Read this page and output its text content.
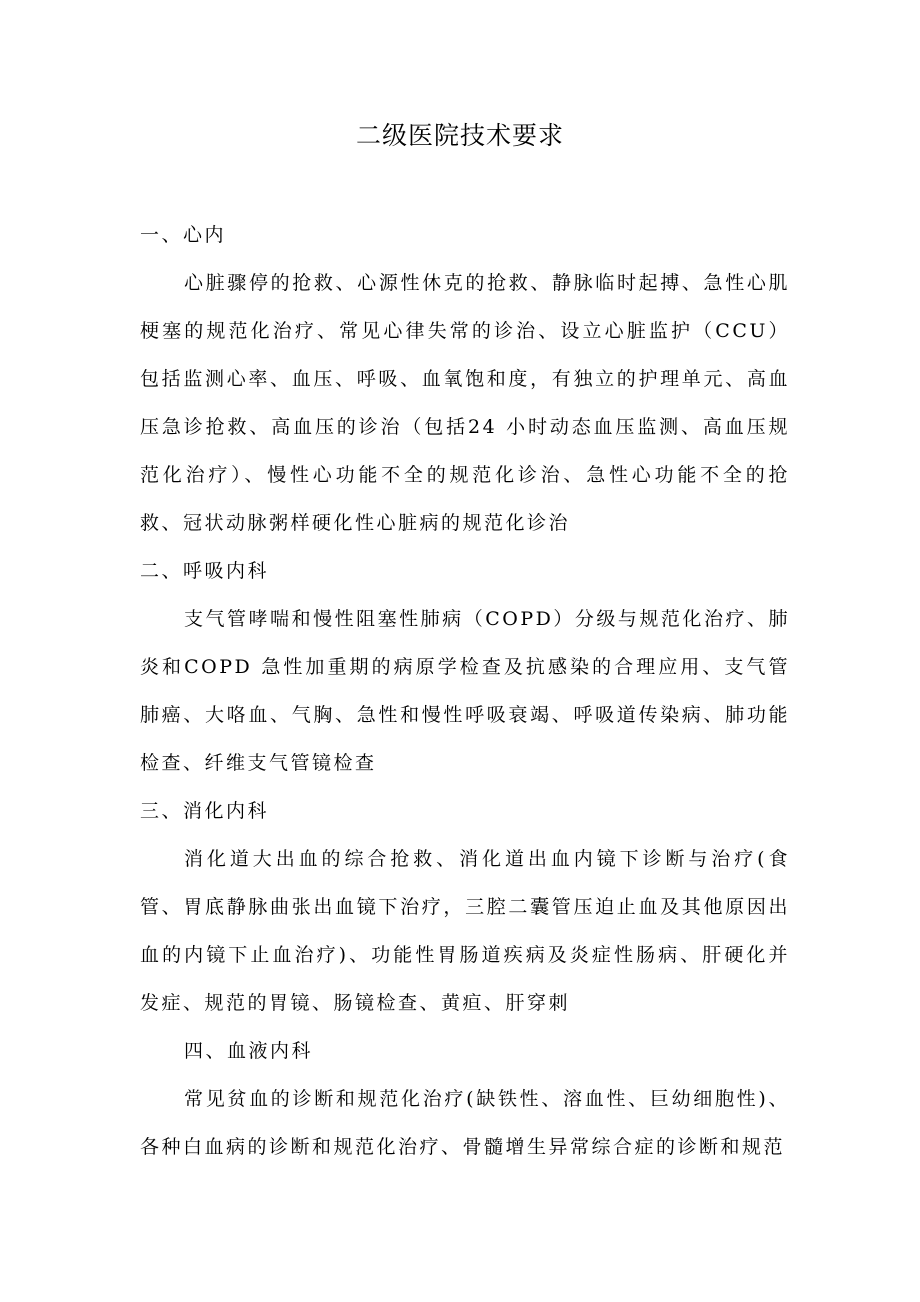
二级医院技术要求

一、心内

心脏骤停的抢救、心源性休克的抢救、静脉临时起搏、急性心肌梗塞的规范化治疗、常见心律失常的诊治、设立心脏监护（CCU）包括监测心率、血压、呼吸、血氧饱和度，有独立的护理单元、高血压急诊抢救、高血压的诊治（包括24 小时动态血压监测、高血压规范化治疗）、慢性心功能不全的规范化诊治、急性心功能不全的抢救、冠状动脉粥样硬化性心脏病的规范化诊治

二、呼吸内科

支气管哮喘和慢性阻塞性肺病（COPD）分级与规范化治疗、肺炎和COPD 急性加重期的病原学检查及抗感染的合理应用、支气管肺癌、大咯血、气胸、急性和慢性呼吸衰竭、呼吸道传染病、肺功能检查、纤维支气管镜检查

三、消化内科

消化道大出血的综合抢救、消化道出血内镜下诊断与治疗(食管、胃底静脉曲张出血镜下治疗，三腔二囊管压迫止血及其他原因出血的内镜下止血治疗)、功能性胃肠道疾病及炎症性肠病、肝硬化并发症、规范的胃镜、肠镜检查、黄疸、肝穿刺

四、血液内科

常见贫血的诊断和规范化治疗(缺铁性、溶血性、巨幼细胞性)、各种白血病的诊断和规范化治疗、骨髓增生异常综合症的诊断和规范
